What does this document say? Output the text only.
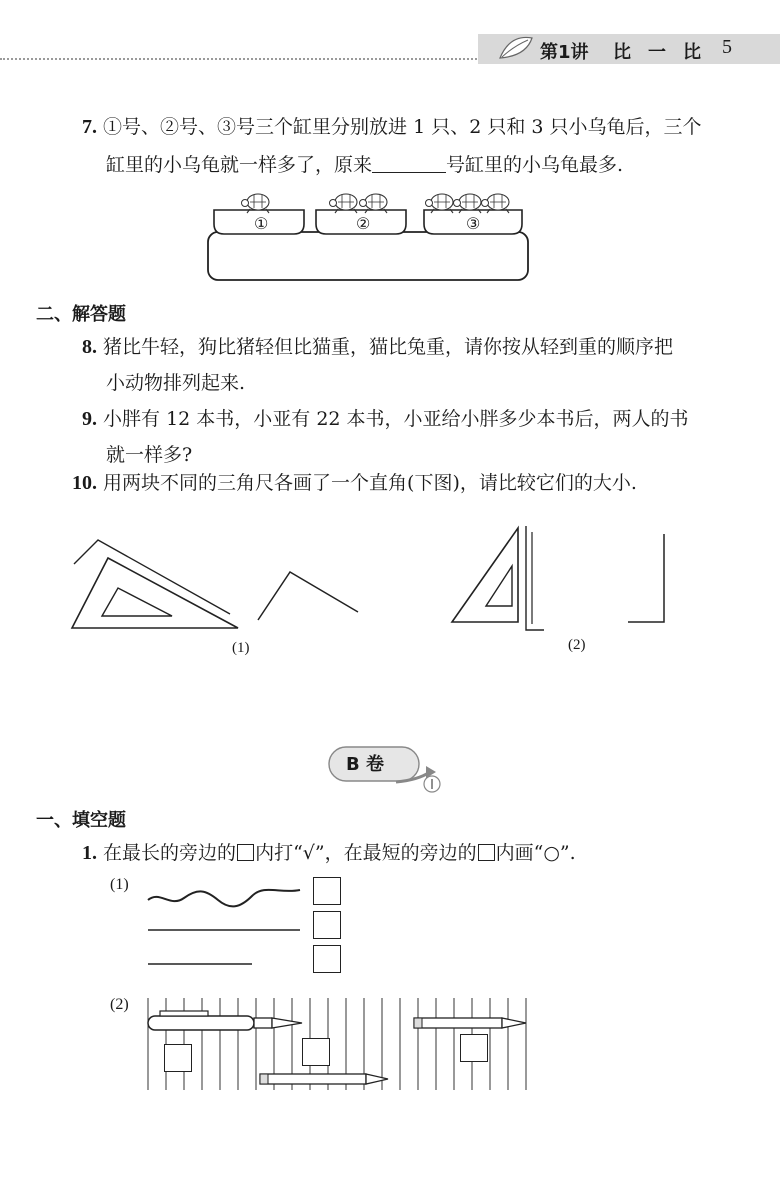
第1讲 比 一 比 5
7. ①号、②号、③号三个缸里分别放进 1 只、2 只和 3 只小乌龟后，三个
缸里的小乌龟就一样多了，原来	号缸里的小乌龟最多.
①	②	③
二、解答题
8. 猪比牛轻，狗比猪轻但比猫重，猫比兔重，请你按从轻到重的顺序把
小动物排列起来.
9. 小胖有 12 本书，小亚有 22 本书，小亚给小胖多少本书后，两人的书
就一样多?
10. 用两块不同的三角尺各画了一个直角(下图)，请比较它们的大小.
(1)	(2)
B 卷
一、填空题
1. 在最长的旁边的 内打“√”，在最短的旁边的 内画“○”.
(1)
(2)
